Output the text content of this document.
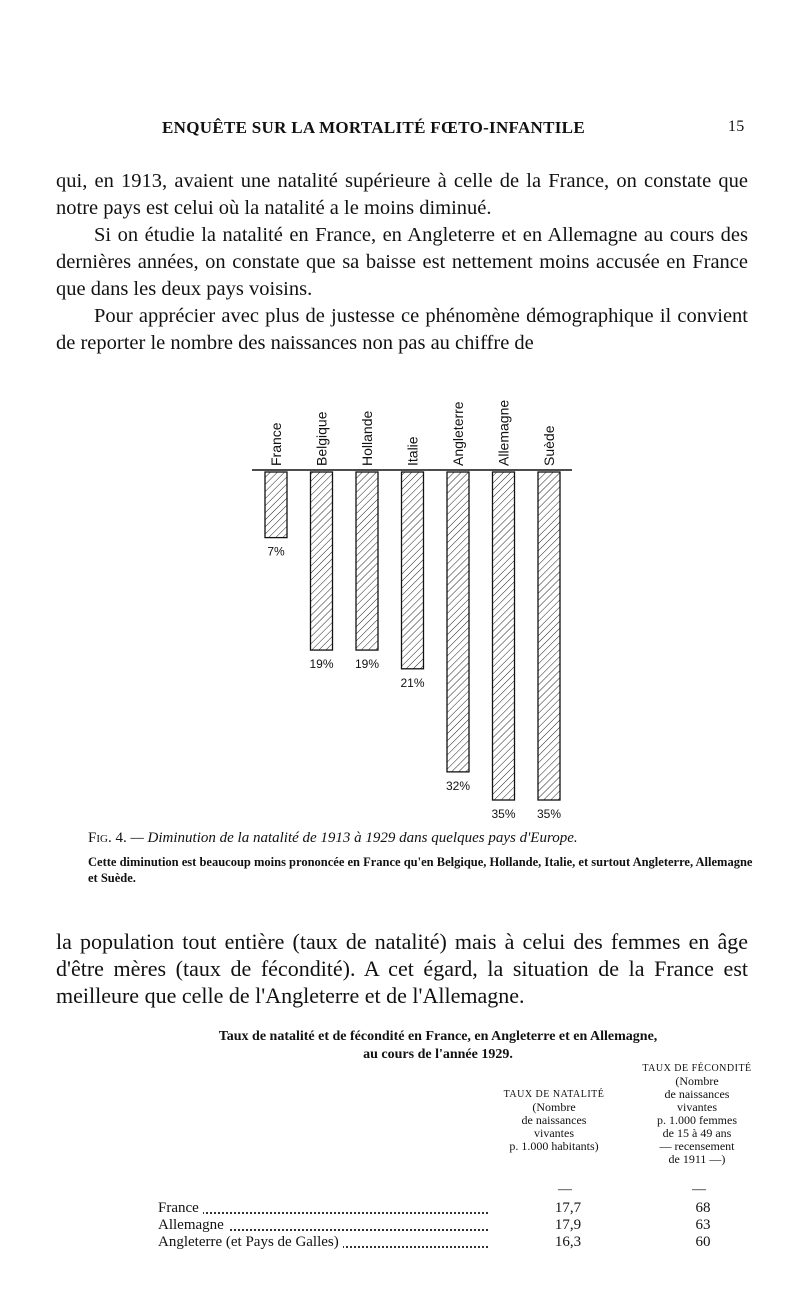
ENQUÊTE SUR LA MORTALITÉ FŒTO-INFANTILE	15

qui, en 1913, avaient une natalité supérieure à celle de la France, on constate que notre pays est celui où la natalité a le moins diminué.

Si on étudie la natalité en France, en Angleterre et en Allemagne au cours des dernières années, on constate que sa baisse est nettement moins accusée en France que dans les deux pays voisins.

Pour apprécier avec plus de justesse ce phénomène démographique il convient de reporter le nombre des naissances non pas au chiffre de

France
7%
Belgique
19%
Hollande
19%
Italie
21%
Angleterre
32%
Allemagne
35%
Suède
35%
Fig. 4. — Diminution de la natalité de 1913 à 1929 dans quelques pays d'Europe.
Cette diminution est beaucoup moins prononcée en France qu'en Belgique, Hollande, Italie, et surtout Angleterre, Allemagne et Suède.

la population tout entière (taux de natalité) mais à celui des femmes en âge d'être mères (taux de fécondité). A cet égard, la situation de la France est meilleure que celle de l'Angleterre et de l'Allemagne.

Taux de natalité et de fécondité en France, en Angleterre et en Allemagne,
au cours de l'année 1929.
TAUX DE NATALITÉ
(Nombre
de naissances
vivantes
p. 1.000 habitants)
TAUX DE FÉCONDITÉ
(Nombre
de naissances
vivantes
p. 1.000 femmes
de 15 à 49 ans
— recensement
de 1911 —)
—	—
France	17,7	68
Allemagne	17,9	63
Angleterre (et Pays de Galles)	16,3	60
